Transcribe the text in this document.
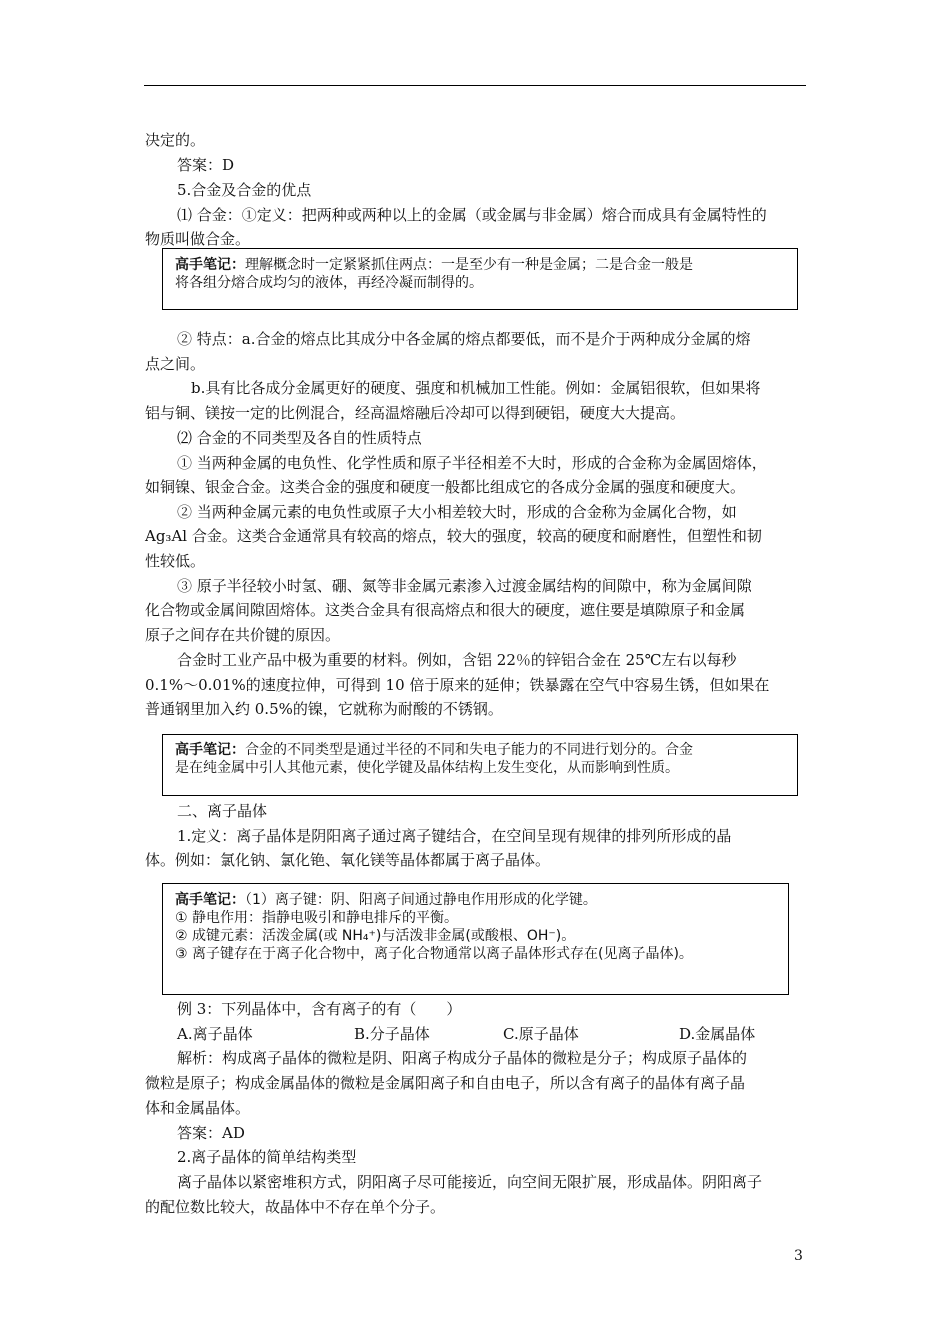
决定的。
答案：D
5.合金及合金的优点
⑴ 合金：①定义：把两种或两种以上的金属（或金属与非金属）熔合而成具有金属特性的
物质叫做合金。
高手笔记：理解概念时一定紧紧抓住两点：一是至少有一种是金属；二是合金一般是
将各组分熔合成均匀的液体，再经冷凝而制得的。
② 特点：a.合金的熔点比其成分中各金属的熔点都要低，而不是介于两种成分金属的熔
点之间。
b.具有比各成分金属更好的硬度、强度和机械加工性能。例如：金属铝很软，但如果将
铝与铜、镁按一定的比例混合，经高温熔融后冷却可以得到硬铝，硬度大大提高。
⑵ 合金的不同类型及各自的性质特点
① 当两种金属的电负性、化学性质和原子半径相差不大时，形成的合金称为金属固熔体，
如铜镍、银金合金。这类合金的强度和硬度一般都比组成它的各成分金属的强度和硬度大。
② 当两种金属元素的电负性或原子大小相差较大时，形成的合金称为金属化合物，如
Ag₃Al 合金。这类合金通常具有较高的熔点，较大的强度，较高的硬度和耐磨性，但塑性和韧
性较低。
③ 原子半径较小时氢、硼、氮等非金属元素渗入过渡金属结构的间隙中，称为金属间隙
化合物或金属间隙固熔体。这类合金具有很高熔点和很大的硬度，遮住要是填隙原子和金属
原子之间存在共价键的原因。
合金时工业产品中极为重要的材料。例如，含铝 22％的锌铝合金在 25℃左右以每秒
0.1%～0.01%的速度拉伸，可得到 10 倍于原来的延伸；铁暴露在空气中容易生锈，但如果在
普通钢里加入约 0.5%的镍，它就称为耐酸的不锈钢。
高手笔记：合金的不同类型是通过半径的不同和失电子能力的不同进行划分的。合金
是在纯金属中引人其他元素，使化学键及晶体结构上发生变化，从而影响到性质。
二、离子晶体
1.定义：离子晶体是阴阳离子通过离子键结合，在空间呈现有规律的排列所形成的晶
体。例如：氯化钠、氯化铯、氧化镁等晶体都属于离子晶体。
高手笔记：（1）离子键：阴、阳离子间通过静电作用形成的化学键。
① 静电作用：指静电吸引和静电排斥的平衡。
② 成键元素：活泼金属(或 NH₄⁺)与活泼非金属(或酸根、OH⁻)。
③ 离子键存在于离子化合物中，离子化合物通常以离子晶体形式存在(见离子晶体)。
例 3：下列晶体中，含有离子的有（　　）
A.离子晶体	B.分子晶体	C.原子晶体	D.金属晶体
解析：构成离子晶体的微粒是阴、阳离子构成分子晶体的微粒是分子；构成原子晶体的
微粒是原子；构成金属晶体的微粒是金属阳离子和自由电子，所以含有离子的晶体有离子晶
体和金属晶体。
答案：AD
2.离子晶体的简单结构类型
离子晶体以紧密堆积方式，阴阳离子尽可能接近，向空间无限扩展，形成晶体。阴阳离子
的配位数比较大，故晶体中不存在单个分子。
3
